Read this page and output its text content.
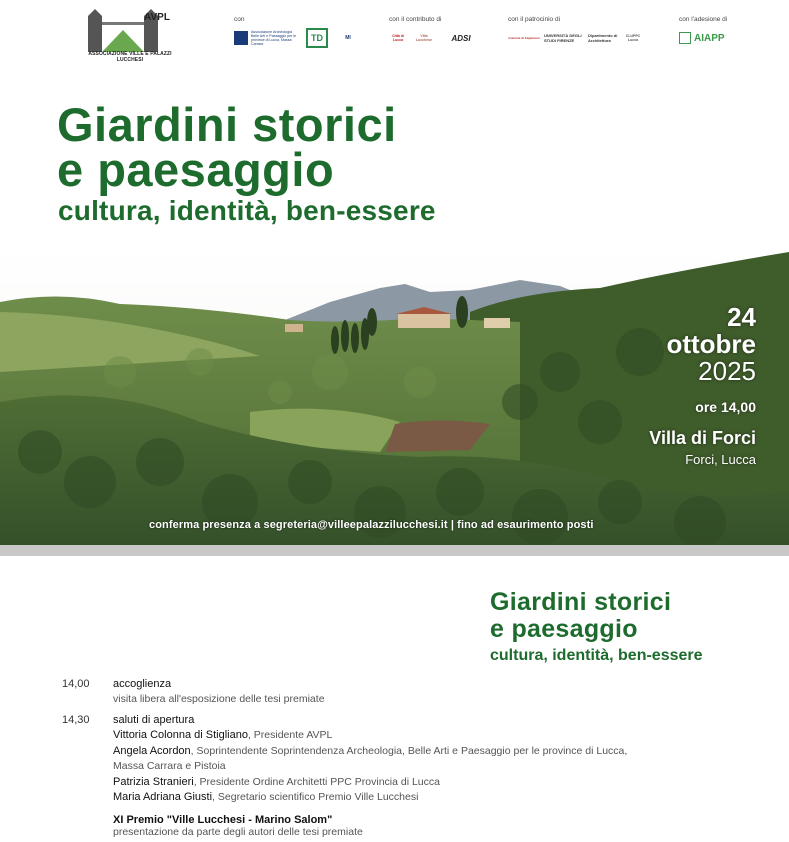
AVPL
ASSOCIAZIONE VILLE E PALAZZI LUCCHESI
con
Associazione Archeologia Belle Arti e Paesaggio per le province di Lucca, Massa Carrara
TD	MI
con il contributo di
Città di Lucca
Villa Lucchese	ADSI
con il patrocinio di
Comune di Capannori UNIVERSITÀ DEGLI STUDI FIRENZE
Dipartimento di Architettura
CLUPPC Lucca
con l'adesione di
AIAPP
Giardini storici
e paesaggio
cultura, identità, ben-essere
24
ottobre
2025
ore 14,00
Villa di Forci
Forci, Lucca
conferma presenza a segreteria@villeepalazzilucchesi.it | fino ad esaurimento posti
Giardini storici
e paesaggio
cultura, identità, ben-essere
14,00 accoglienza
visita libera all'esposizione delle tesi premiate
14,30 saluti di apertura
Vittoria Colonna di Stigliano, Presidente AVPL
Angela Acordon, Soprintendente Soprintendenza Archeologia, Belle Arti e Paesaggio per le province di Lucca,
Massa Carrara e Pistoia
Patrizia Stranieri, Presidente Ordine Architetti PPC Provincia di Lucca
Maria Adriana Giusti, Segretario scientifico Premio Ville Lucchesi
XI Premio "Ville Lucchesi - Marino Salom"
presentazione da parte degli autori delle tesi premiate
